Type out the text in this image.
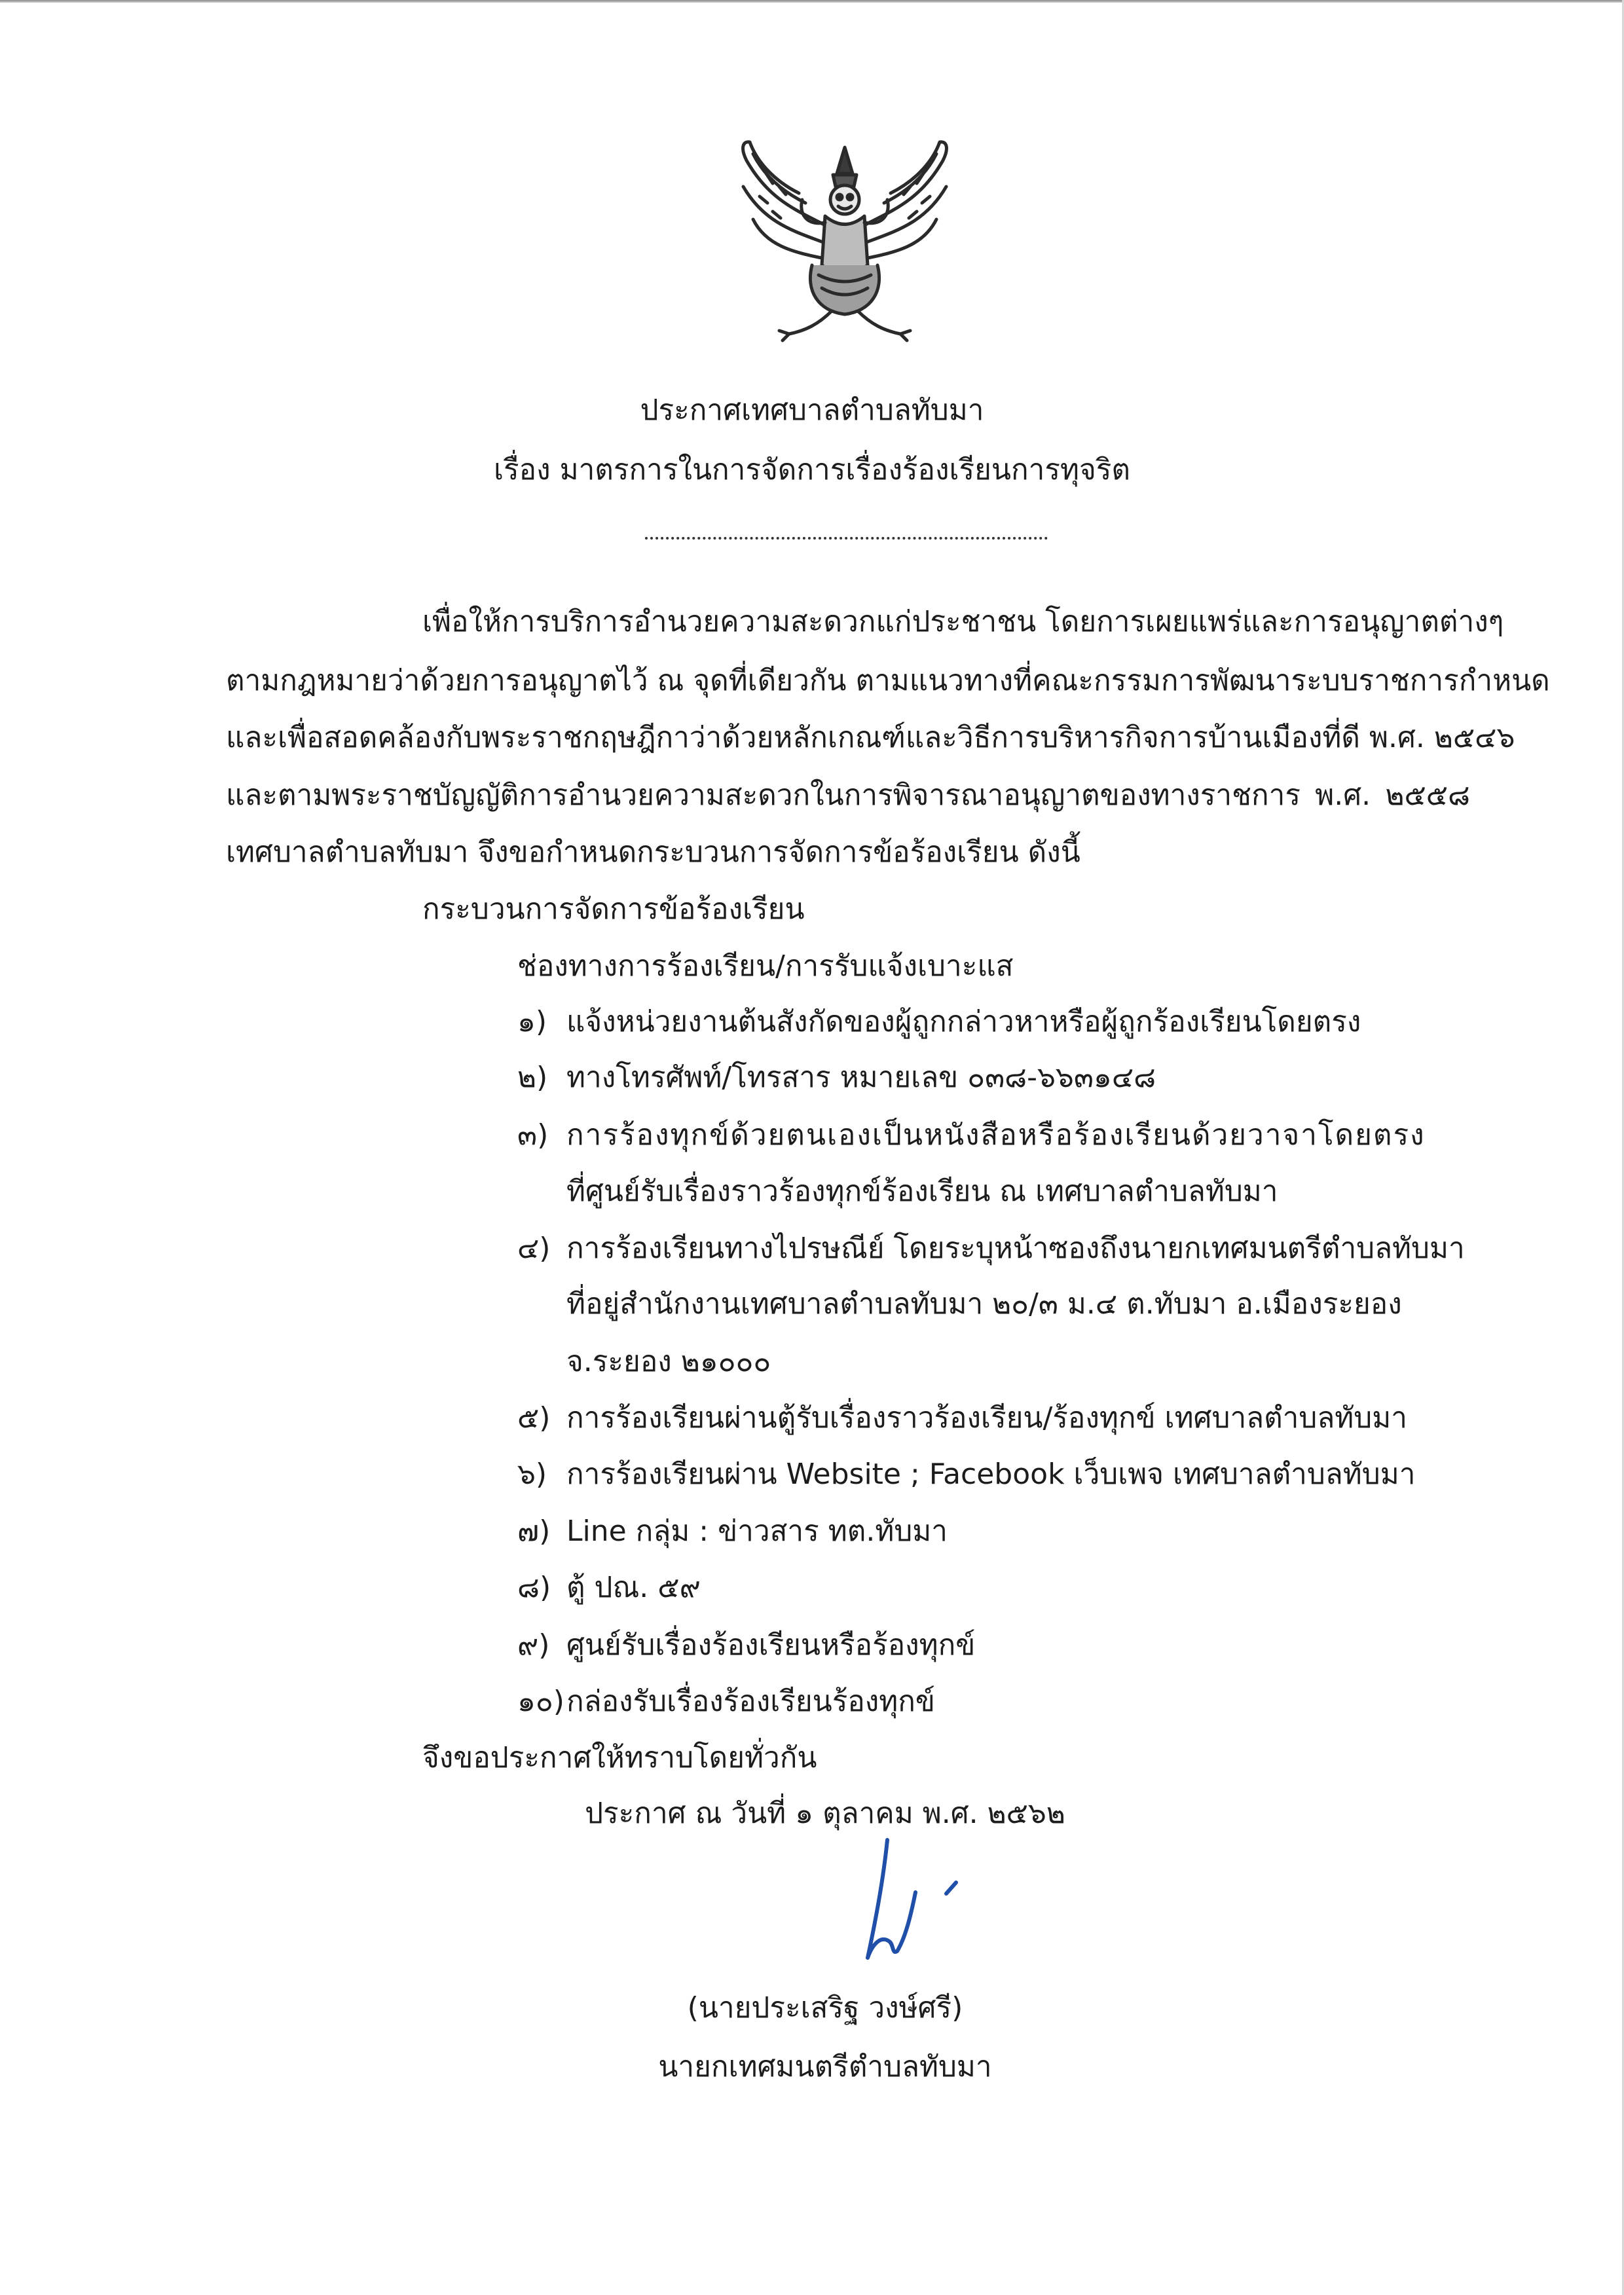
ประกาศเทศบาลตำบลทับมา
เรื่อง มาตรการในการจัดการเรื่องร้องเรียนการทุจริต
เพื่อให้การบริการอำนวยความสะดวกแก่ประชาชน โดยการเผยแพร่และการอนุญาตต่างๆ
ตามกฎหมายว่าด้วยการอนุญาตไว้ ณ จุดที่เดียวกัน ตามแนวทางที่คณะกรรมการพัฒนาระบบราชการกำหนด
และเพื่อสอดคล้องกับพระราชกฤษฎีกาว่าด้วยหลักเกณฑ์และวิธีการบริหารกิจการบ้านเมืองที่ดี พ.ศ. ๒๕๔๖
และตามพระราชบัญญัติการอำนวยความสะดวกในการพิจารณาอนุญาตของทางราชการ พ.ศ. ๒๕๕๘
เทศบาลตำบลทับมา จึงขอกำหนดกระบวนการจัดการข้อร้องเรียน ดังนี้
กระบวนการจัดการข้อร้องเรียน
ช่องทางการร้องเรียน/การรับแจ้งเบาะแส
๑) แจ้งหน่วยงานต้นสังกัดของผู้ถูกกล่าวหาหรือผู้ถูกร้องเรียนโดยตรง
๒) ทางโทรศัพท์/โทรสาร หมายเลข ๐๓๘-๖๖๓๑๔๘
๓) การร้องทุกข์ด้วยตนเองเป็นหนังสือหรือร้องเรียนด้วยวาจาโดยตรง
ที่ศูนย์รับเรื่องราวร้องทุกข์ร้องเรียน ณ เทศบาลตำบลทับมา
๔) การร้องเรียนทางไปรษณีย์ โดยระบุหน้าซองถึงนายกเทศมนตรีตำบลทับมา
ที่อยู่สำนักงานเทศบาลตำบลทับมา ๒๐/๓ ม.๔ ต.ทับมา อ.เมืองระยอง
จ.ระยอง ๒๑๐๐๐
๕) การร้องเรียนผ่านตู้รับเรื่องราวร้องเรียน/ร้องทุกข์ เทศบาลตำบลทับมา
๖) การร้องเรียนผ่าน Website ; Facebook เว็บเพจ เทศบาลตำบลทับมา
๗) Line กลุ่ม : ข่าวสาร ทต.ทับมา
๘) ตู้ ปณ. ๕๙
๙) ศูนย์รับเรื่องร้องเรียนหรือร้องทุกข์
๑๐)กล่องรับเรื่องร้องเรียนร้องทุกข์
จึงขอประกาศให้ทราบโดยทั่วกัน
ประกาศ ณ วันที่ ๑ ตุลาคม พ.ศ. ๒๕๖๒
(นายประเสริฐ วงษ์ศรี)
นายกเทศมนตรีตำบลทับมา
